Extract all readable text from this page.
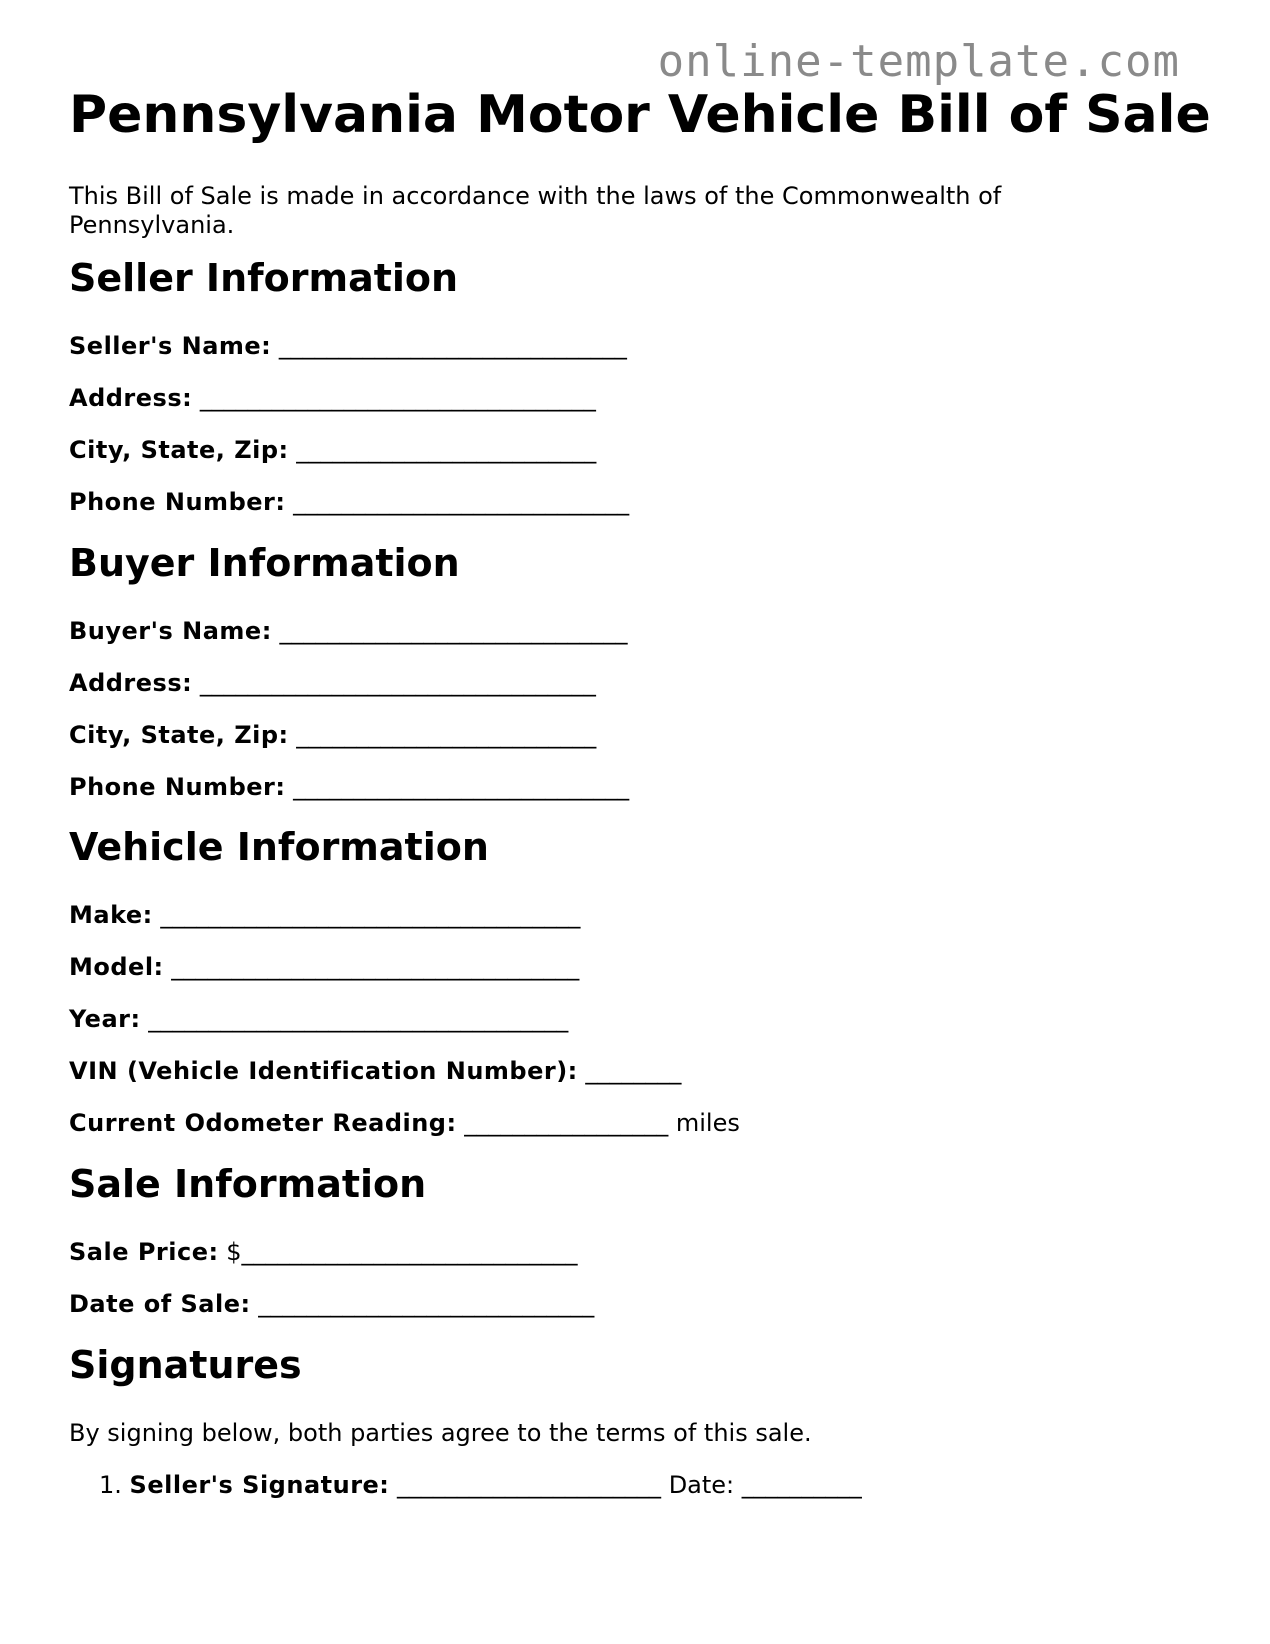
online-template.com
Pennsylvania Motor Vehicle Bill of Sale
This Bill of Sale is made in accordance with the laws of the Commonwealth of Pennsylvania.
Seller Information
Seller's Name: _____________________________
Address: _________________________________
City, State, Zip: _________________________
Phone Number: ____________________________
Buyer Information
Buyer's Name: _____________________________
Address: _________________________________
City, State, Zip: _________________________
Phone Number: ____________________________
Vehicle Information
Make: ___________________________________
Model: __________________________________
Year: ___________________________________
VIN (Vehicle Identification Number): ________
Current Odometer Reading: _________________ miles
Sale Information
Sale Price: $____________________________
Date of Sale: ____________________________
Signatures
By signing below, both parties agree to the terms of this sale.
1. Seller's Signature: ______________________ Date: __________
